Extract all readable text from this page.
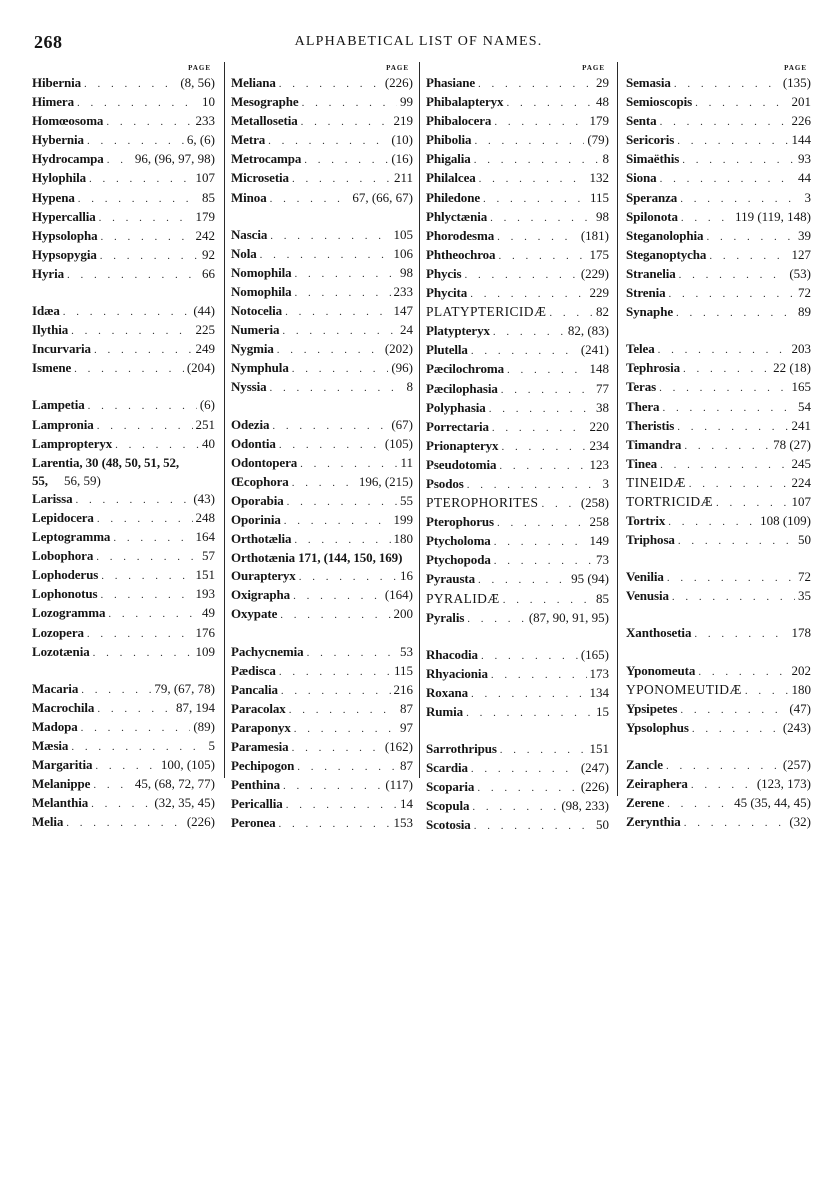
268	ALPHABETICAL LIST OF NAMES.
PAGE
Hibernia . . .	(8, 56)
Himera . . .	10
Homœosoma . . .	233
Hybernia . . .	6, (6)
Hydrocampa . . . 96, (96, 97, 98)
Hylophila . . .	107
Hypena . . .	85
Hypercallia . . .	179
Hypsolopha . . .	242
Hypsopygia . . .	92
Hyria . . .	66
Idæa . . .	(44)
Ilythia . . .	225
Incurvaria . . .	249
Ismene . . .	(204)
Lampetia . . .	(6)
Lampronia . . .	251
Lampropteryx . . .	40
Larentia, 30 (48, 50, 51, 52, 55, 56, 59)
Larissa . . .	(43)
Lepidocera . . .	248
Leptogramma . . .	164
Lobophora . . .	57
Lophoderus . . .	151
Lophonotus . . .	193
Lozogramma . . .	49
Lozopera . . .	176
Lozotænia . . .	109
Macaria . . .	79, (67, 78)
Macrochila . . .	87, 194
Madopa . . .	(89)
Mæsia . . .	5
Margaritia . . .	100, (105)
Melanippe . . .	45, (68, 72, 77)
Melanthia . . .	(32, 35, 45)
Melia . . .	(226)
PAGE
Meliana . . .	(226)
Mesographe . . .	99
Metallosetia . . .	219
Metra . . .	(10)
Metrocampa . . .	(16)
Microsetia . . .	211
Minoa . . .	67, (66, 67)
Nascia . . .	105
Nola . . .	106
Nomophila . . .	98
Nomophila . . .	233
Notocelia . . .	147
Numeria . . .	24
Nygmia . . .	(202)
Nymphula . . .	(96)
Nyssia . . .	8
Odezia . . .	(67)
Odontia . . .	(105)
Odontopera . . .	11
Œcophora . . .	196, (215)
Oporabia . . .	55
Oporinia . . .	199
Orthotælia . . .	180
Orthotænia 171, (144, 150, 169)
Ourapteryx . . .	16
Oxigrapha . . .	(164)
Oxypate . . .	200
Pachycnemia . . .	53
Pædisca . . .	115
Pancalia . . .	216
Paracolax . . .	87
Paraponyx . . .	97
Paramesia . . .	(162)
Pechipogon . . .	87
Penthina . . .	(117)
Pericallia . . .	14
Peronea . . .	153
PAGE
Phasiane . . .	29
Phibalapteryx . . .	48
Phibalocera . . .	179
Phibolia . . .	(79)
Phigalia . . .	8
Philalcea . . .	132
Philedone . . .	115
Phlyctænia . . .	98
Phorodesma . . .	(181)
Phtheochroa . . .	175
Phycis . . .	(229)
Phycita . . .	229
PLATYPTERICIDÆ . . .	82
Platypteryx . . .	82, (83)
Plutella . . .	(241)
Pæcilochroma . . .	148
Pæcilophasia . . .	77
Polyphasia . . .	38
Porrectaria . . .	220
Prionapteryx . . .	234
Pseudotomia . . .	123
Psodos . . .	3
PTEROPHORITES . . .	(258)
Pterophorus . . .	258
Ptycholoma . . .	149
Ptychopoda . . .	73
Pyrausta . . .	95 (94)
PYRALIDÆ . . .	85
Pyralis . . .	(87, 90, 91, 95)
Rhacodia . . .	(165)
Rhyacionia . . .	173
Roxana . . .	134
Rumia . . .	15
Sarrothripus . . .	151
Scardia . . .	(247)
Scoparia . . .	(226)
Scopula . . .	(98, 233)
Scotosia . . .	50
PAGE
Semasia . . .	(135)
Semioscopis . . .	201
Senta . . .	226
Sericoris . . .	144
Simaëthis . . .	93
Siona . . .	44
Speranza . . .	3
Spilonota . . .	119 (119, 148)
Steganolophia . . .	39
Steganoptycha . . .	127
Stranelia . . .	(53)
Strenia . . .	72
Synaphe . . .	89
Telea . . .	203
Tephrosia . . .	22 (18)
Teras . . .	165
Thera . . .	54
Theristis . . .	241
Timandra . . .	78 (27)
Tinea . . .	245
TINEIDÆ . . .	224
TORTRICIDÆ . . .	107
Tortrix . . .	108 (109)
Triphosa . . .	50
Venilia . . .	72
Venusia . . .	35
Xanthosetia . . .	178
Yponomeuta . . .	202
YPONOMEUTIDÆ . . .	180
Ypsipetes . . .	(47)
Ypsolophus . . .	(243)
Zancle . . .	(257)
Zeiraphera . . .	(123, 173)
Zerene . . .	45 (35, 44, 45)
Zerynthia . . .	(32)
